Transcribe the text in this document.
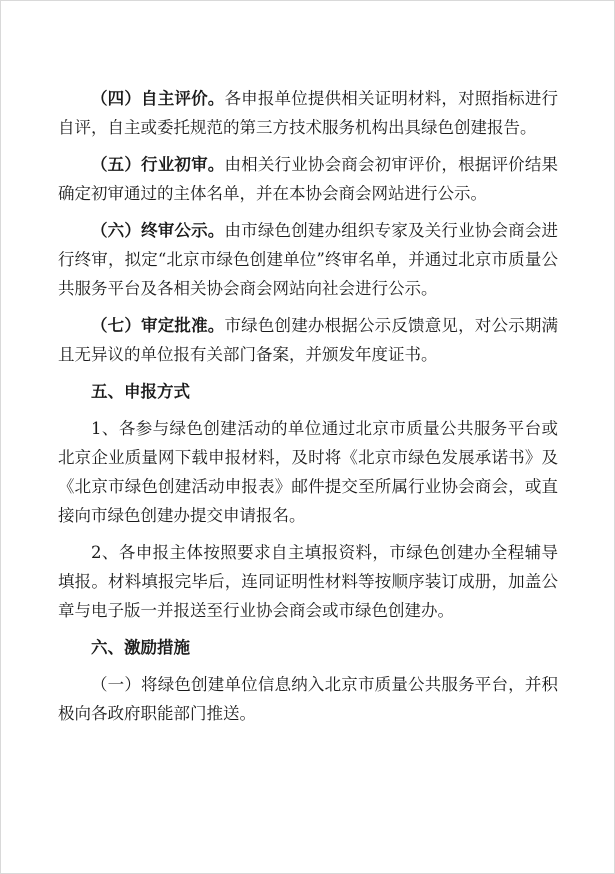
（四）自主评价。各申报单位提供相关证明材料，对照指标进行自评，自主或委托规范的第三方技术服务机构出具绿色创建报告。

（五）行业初审。由相关行业协会商会初审评价，根据评价结果确定初审通过的主体名单，并在本协会商会网站进行公示。

（六）终审公示。由市绿色创建办组织专家及关行业协会商会进行终审，拟定“北京市绿色创建单位”终审名单，并通过北京市质量公共服务平台及各相关协会商会网站向社会进行公示。

（七）审定批准。市绿色创建办根据公示反馈意见，对公示期满且无异议的单位报有关部门备案，并颁发年度证书。

五、申报方式

1、各参与绿色创建活动的单位通过北京市质量公共服务平台或北京企业质量网下载申报材料，及时将《北京市绿色发展承诺书》及《北京市绿色创建活动申报表》邮件提交至所属行业协会商会，或直接向市绿色创建办提交申请报名。

2、各申报主体按照要求自主填报资料，市绿色创建办全程辅导填报。材料填报完毕后，连同证明性材料等按顺序装订成册，加盖公章与电子版一并报送至行业协会商会或市绿色创建办。

六、激励措施

（一）将绿色创建单位信息纳入北京市质量公共服务平台，并积极向各政府职能部门推送。
